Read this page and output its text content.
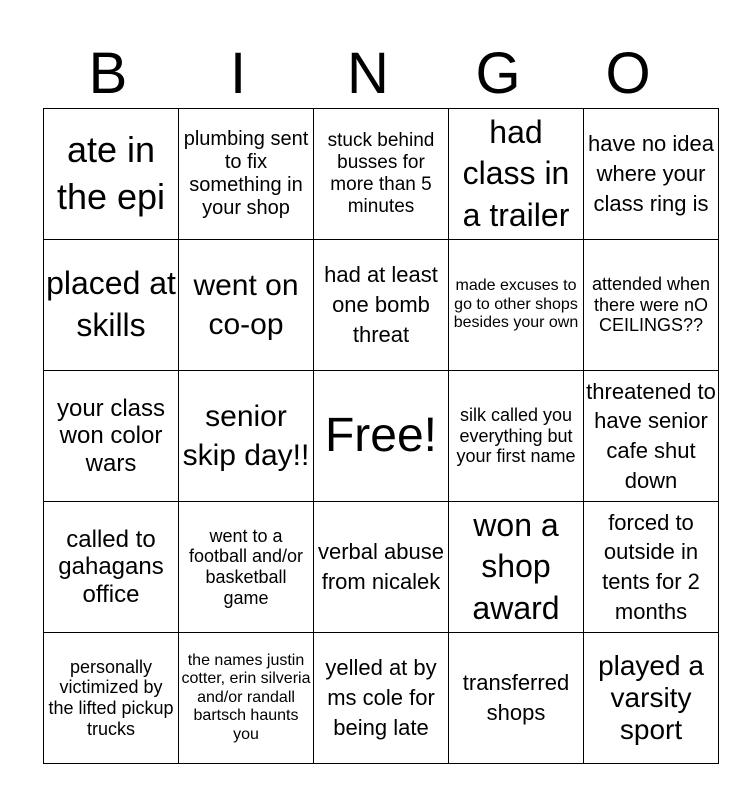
B	I	N	G	O
ate in the epi	plumbing sent to fix something in your shop	stuck behind busses for more than 5 minutes	had class in a trailer	have no idea where your class ring is
placed at skills	went on co-op	had at least one bomb threat	made excuses to go to other shops besides your own	attended when there were nO CEILINGS??
your class won color wars	senior skip day!!	Free!	silk called you everything but your first name	threatened to have senior cafe shut down
called to gahagans office	went to a football and/or basketball game	verbal abuse from nicalek	won a shop award	forced to outside in tents for 2 months
personally victimized by the lifted pickup trucks	the names justin cotter, erin silveria and/or randall bartsch haunts you	yelled at by ms cole for being late	transferred shops	played a varsity sport
